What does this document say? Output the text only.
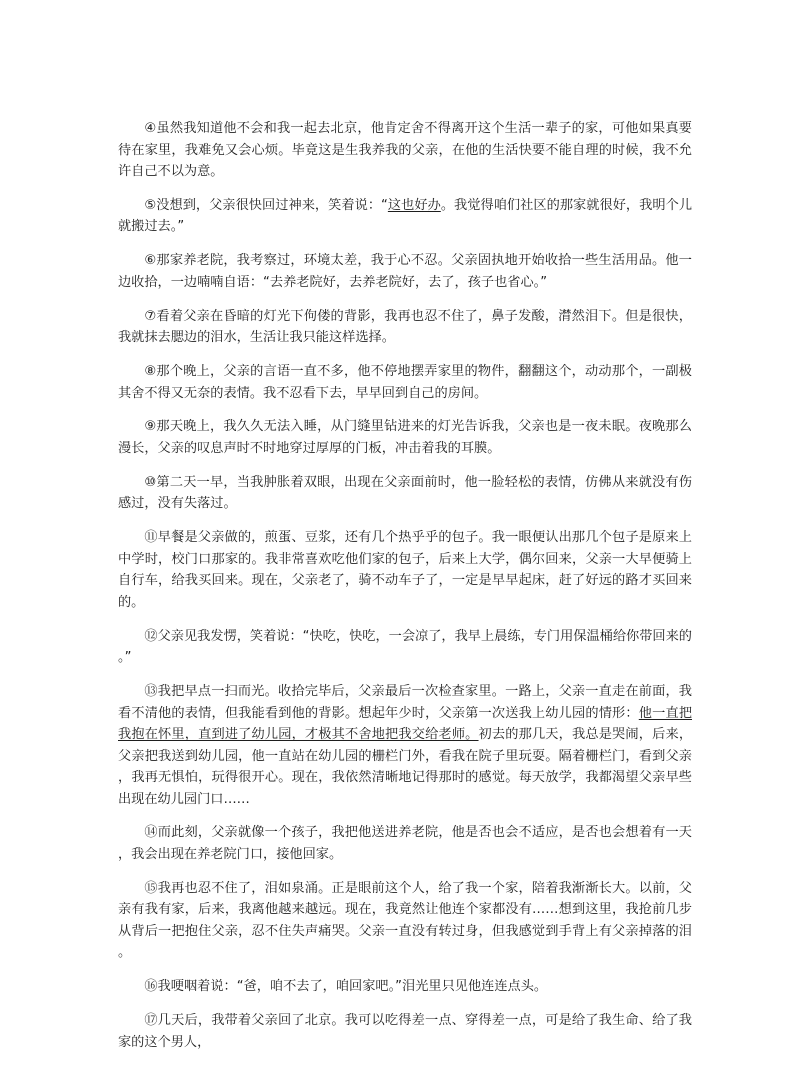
④虽然我知道他不会和我一起去北京，他肯定舍不得离开这个生活一辈子的家，可他如果真要待在家里，我难免又会心烦。毕竟这是生我养我的父亲，在他的生活快要不能自理的时候，我不允许自己不以为意。

⑤没想到，父亲很快回过神来，笑着说：“这也好办。我觉得咱们社区的那家就很好，我明个儿就搬过去。”

⑥那家养老院，我考察过，环境太差，我于心不忍。父亲固执地开始收拾一些生活用品。他一边收拾，一边喃喃自语：“去养老院好，去养老院好，去了，孩子也省心。”

⑦看着父亲在昏暗的灯光下佝偻的背影，我再也忍不住了，鼻子发酸，潸然泪下。但是很快，我就抹去腮边的泪水，生活让我只能这样选择。

⑧那个晚上，父亲的言语一直不多，他不停地摆弄家里的物件，翻翻这个，动动那个，一副极其舍不得又无奈的表情。我不忍看下去，早早回到自己的房间。

⑨那天晚上，我久久无法入睡，从门缝里钻进来的灯光告诉我，父亲也是一夜未眠。夜晚那么漫长，父亲的叹息声时不时地穿过厚厚的门板，冲击着我的耳膜。

⑩第二天一早，当我肿胀着双眼，出现在父亲面前时，他一脸轻松的表情，仿佛从来就没有伤感过，没有失落过。

⑪早餐是父亲做的，煎蛋、豆浆，还有几个热乎乎的包子。我一眼便认出那几个包子是原来上中学时，校门口那家的。我非常喜欢吃他们家的包子，后来上大学，偶尔回来，父亲一大早便骑上自行车，给我买回来。现在，父亲老了，骑不动车子了，一定是早早起床，赶了好远的路才买回来的。

⑫父亲见我发愣，笑着说：“快吃，快吃，一会凉了，我早上晨练，专门用保温桶给你带回来的。”

⑬我把早点一扫而光。收拾完毕后，父亲最后一次检查家里。一路上，父亲一直走在前面，我看不清他的表情，但我能看到他的背影。想起年少时，父亲第一次送我上幼儿园的情形：他一直把我抱在怀里，直到进了幼儿园，才极其不舍地把我交给老师。初去的那几天，我总是哭闹，后来，父亲把我送到幼儿园，他一直站在幼儿园的栅栏门外，看我在院子里玩耍。隔着栅栏门，看到父亲，我再无惧怕，玩得很开心。现在，我依然清晰地记得那时的感觉。每天放学，我都渴望父亲早些出现在幼儿园门口……

⑭而此刻，父亲就像一个孩子，我把他送进养老院，他是否也会不适应，是否也会想着有一天，我会出现在养老院门口，接他回家。

⑮我再也忍不住了，泪如泉涌。正是眼前这个人，给了我一个家，陪着我渐渐长大。以前，父亲有我有家，后来，我离他越来越远。现在，我竟然让他连个家都没有……想到这里，我抢前几步从背后一把抱住父亲，忍不住失声痛哭。父亲一直没有转过身，但我感觉到手背上有父亲掉落的泪。

⑯我哽咽着说：“爸，咱不去了，咱回家吧。”泪光里只见他连连点头。

⑰几天后，我带着父亲回了北京。我可以吃得差一点、穿得差一点，可是给了我生命、给了我家的这个男人，
